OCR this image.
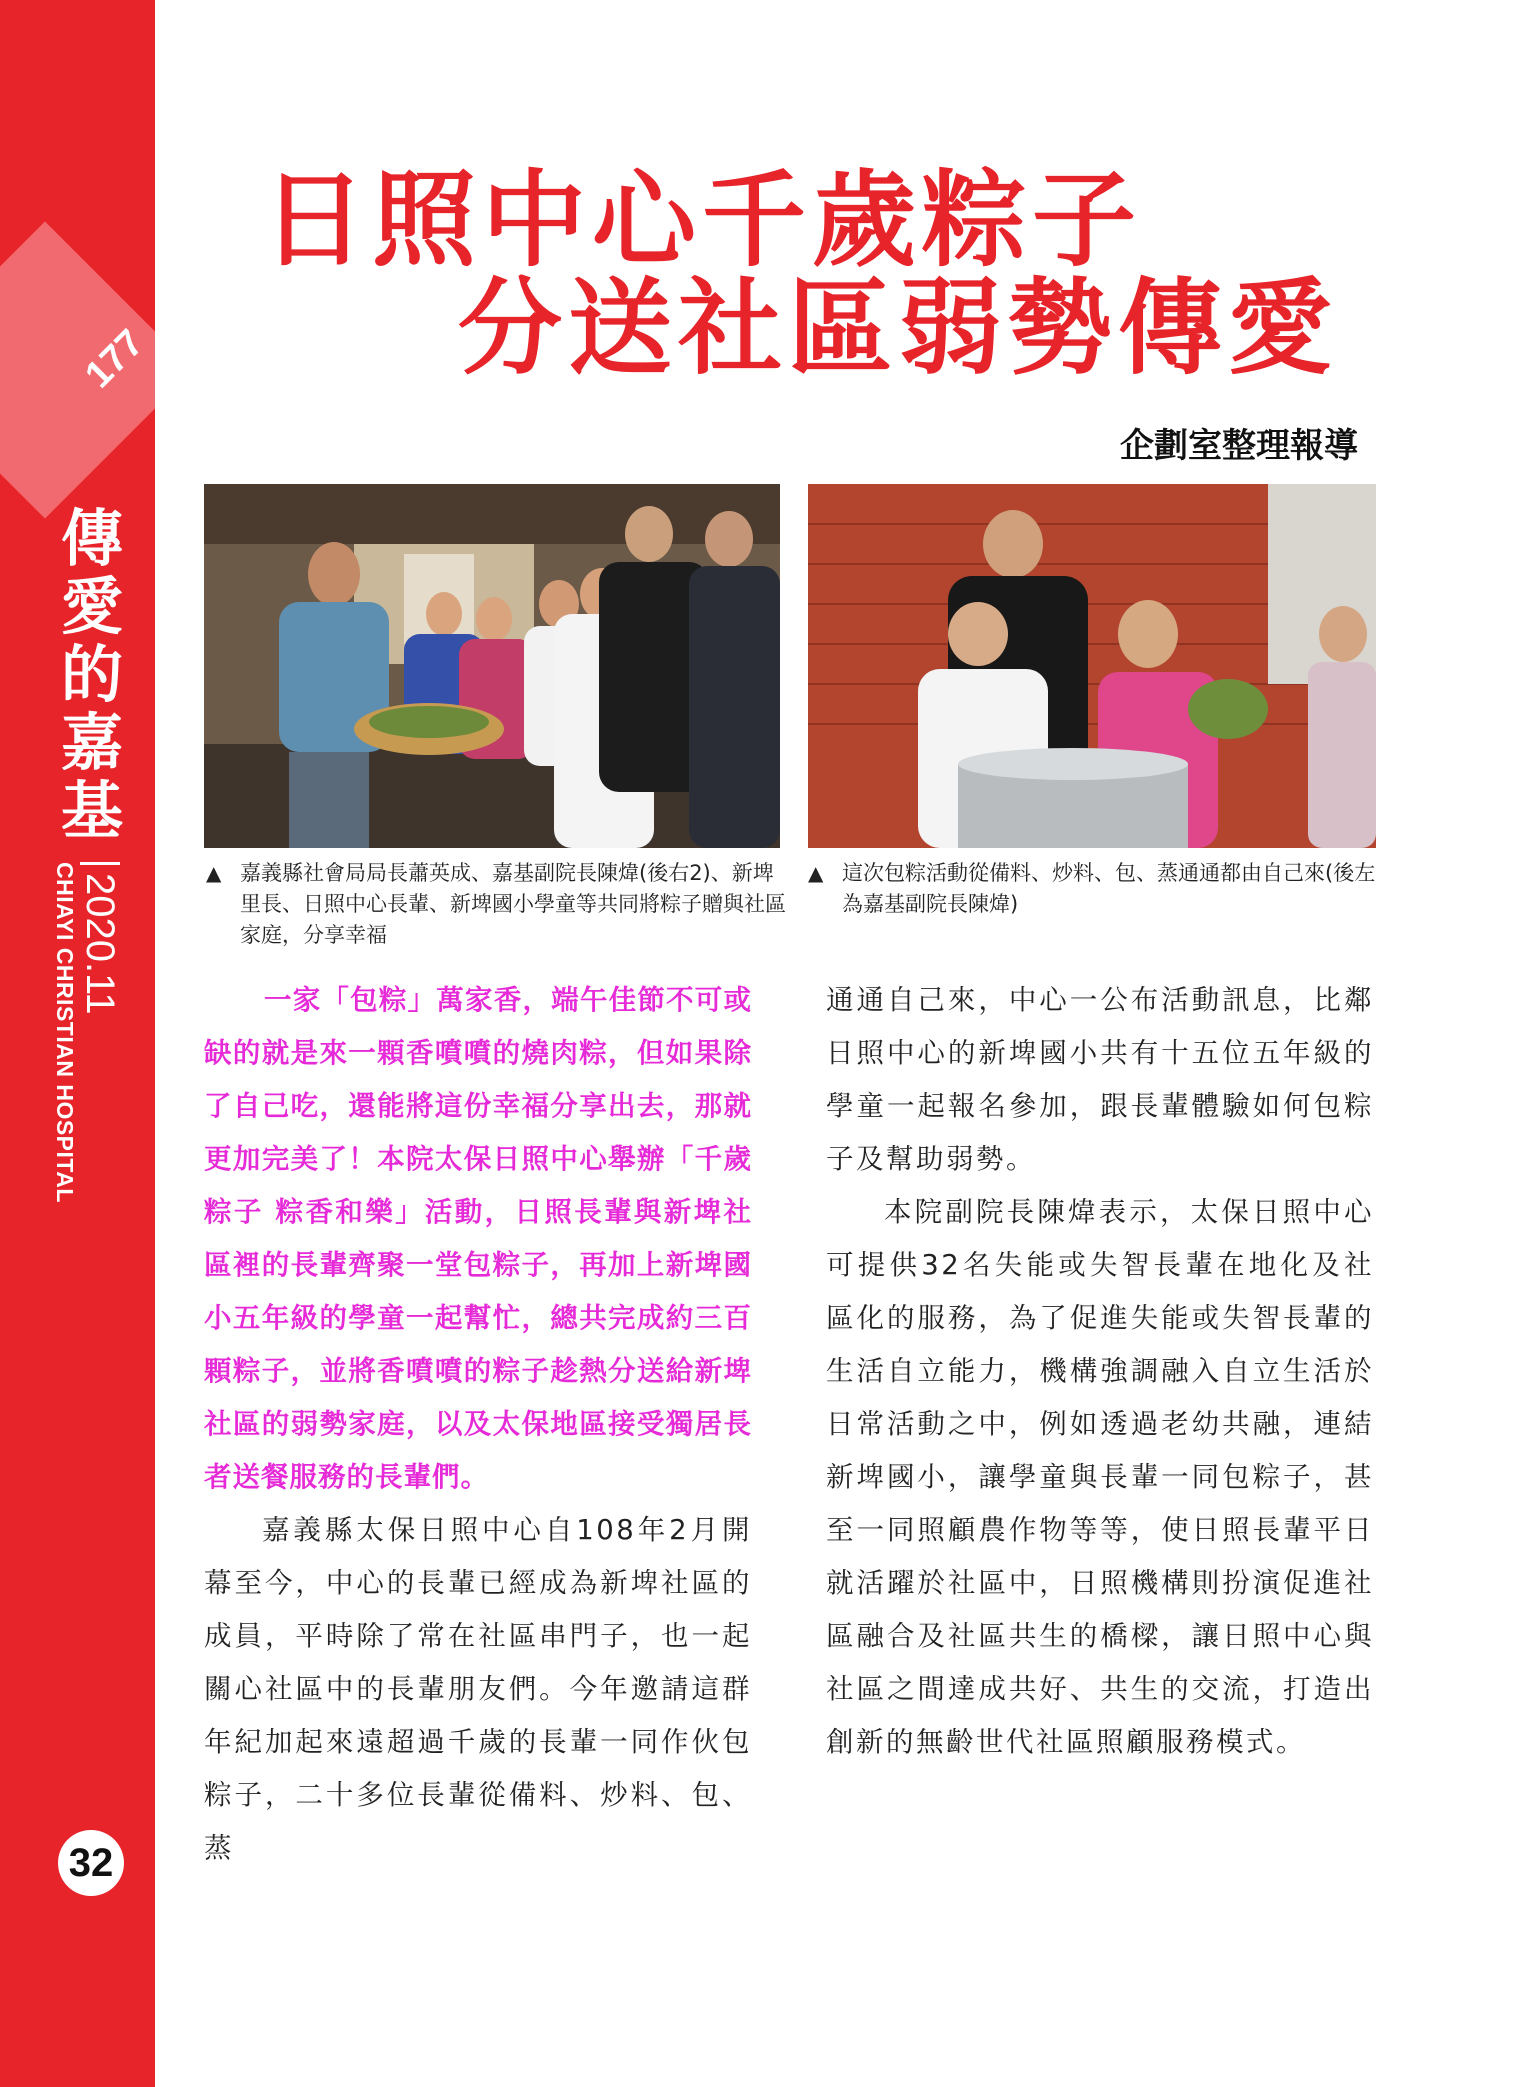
177
傳
愛
的
嘉
基
2020.11
CHIAYI CHRISTIAN HOSPITAL
32
日照中心千歲粽子
分送社區弱勢傳愛
企劃室整理報導
▲ 嘉義縣社會局局長蕭英成、嘉基副院長陳煒(後右2)、新埤里長、日照中心長輩、新埤國小學童等共同將粽子贈與社區家庭，分享幸福
▲ 這次包粽活動從備料、炒料、包、蒸通通都由自己來(後左為嘉基副院長陳煒)

一家「包粽」萬家香，端午佳節不可或缺的就是來一顆香噴噴的燒肉粽，但如果除了自己吃，還能將這份幸福分享出去，那就更加完美了！本院太保日照中心舉辦「千歲粽子 粽香和樂」活動，日照長輩與新埤社區裡的長輩齊聚一堂包粽子，再加上新埤國小五年級的學童一起幫忙，總共完成約三百顆粽子，並將香噴噴的粽子趁熱分送給新埤社區的弱勢家庭，以及太保地區接受獨居長者送餐服務的長輩們。

嘉義縣太保日照中心自108年2月開幕至今，中心的長輩已經成為新埤社區的成員，平時除了常在社區串門子，也一起關心社區中的長輩朋友們。今年邀請這群年紀加起來遠超過千歲的長輩一同作伙包粽子，二十多位長輩從備料、炒料、包、蒸

通通自己來，中心一公布活動訊息，比鄰日照中心的新埤國小共有十五位五年級的學童一起報名參加，跟長輩體驗如何包粽子及幫助弱勢。

本院副院長陳煒表示，太保日照中心可提供32名失能或失智長輩在地化及社區化的服務，為了促進失能或失智長輩的生活自立能力，機構強調融入自立生活於日常活動之中，例如透過老幼共融，連結新埤國小，讓學童與長輩一同包粽子，甚至一同照顧農作物等等，使日照長輩平日就活躍於社區中，日照機構則扮演促進社區融合及社區共生的橋樑，讓日照中心與社區之間達成共好、共生的交流，打造出創新的無齡世代社區照顧服務模式。
